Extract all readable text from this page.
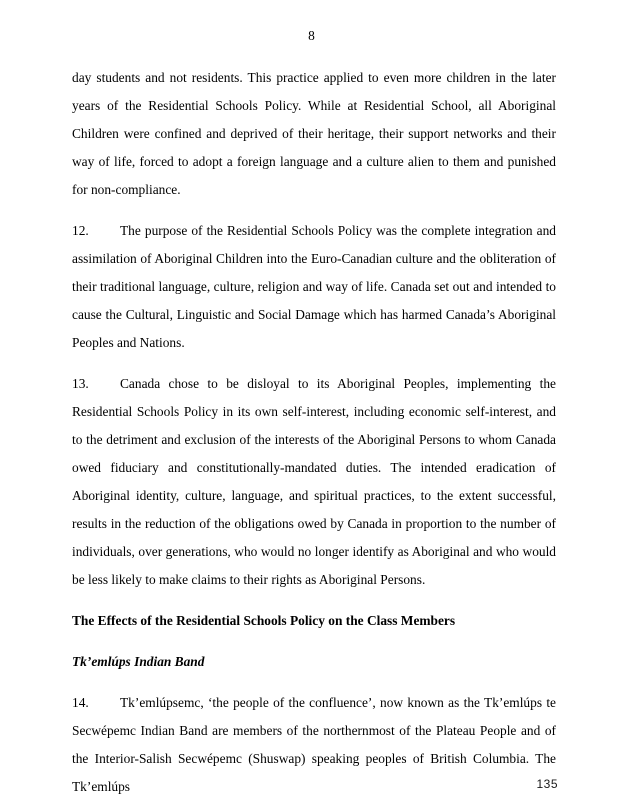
8

day students and not residents. This practice applied to even more children in the later years of the Residential Schools Policy. While at Residential School, all Aboriginal Children were confined and deprived of their heritage, their support networks and their way of life, forced to adopt a foreign language and a culture alien to them and punished for non-compliance.

12. The purpose of the Residential Schools Policy was the complete integration and assimilation of Aboriginal Children into the Euro-Canadian culture and the obliteration of their traditional language, culture, religion and way of life. Canada set out and intended to cause the Cultural, Linguistic and Social Damage which has harmed Canada’s Aboriginal Peoples and Nations.

13. Canada chose to be disloyal to its Aboriginal Peoples, implementing the Residential Schools Policy in its own self-interest, including economic self-interest, and to the detriment and exclusion of the interests of the Aboriginal Persons to whom Canada owed fiduciary and constitutionally-mandated duties. The intended eradication of Aboriginal identity, culture, language, and spiritual practices, to the extent successful, results in the reduction of the obligations owed by Canada in proportion to the number of individuals, over generations, who would no longer identify as Aboriginal and who would be less likely to make claims to their rights as Aboriginal Persons.

The Effects of the Residential Schools Policy on the Class Members
Tk’emlúps Indian Band

14. Tk’emlúpsemc, ‘the people of the confluence’, now known as the Tk’emlúps te Secwépemc Indian Band are members of the northernmost of the Plateau People and of the Interior-Salish Secwépemc (Shuswap) speaking peoples of British Columbia. The Tk’emlúps	135
